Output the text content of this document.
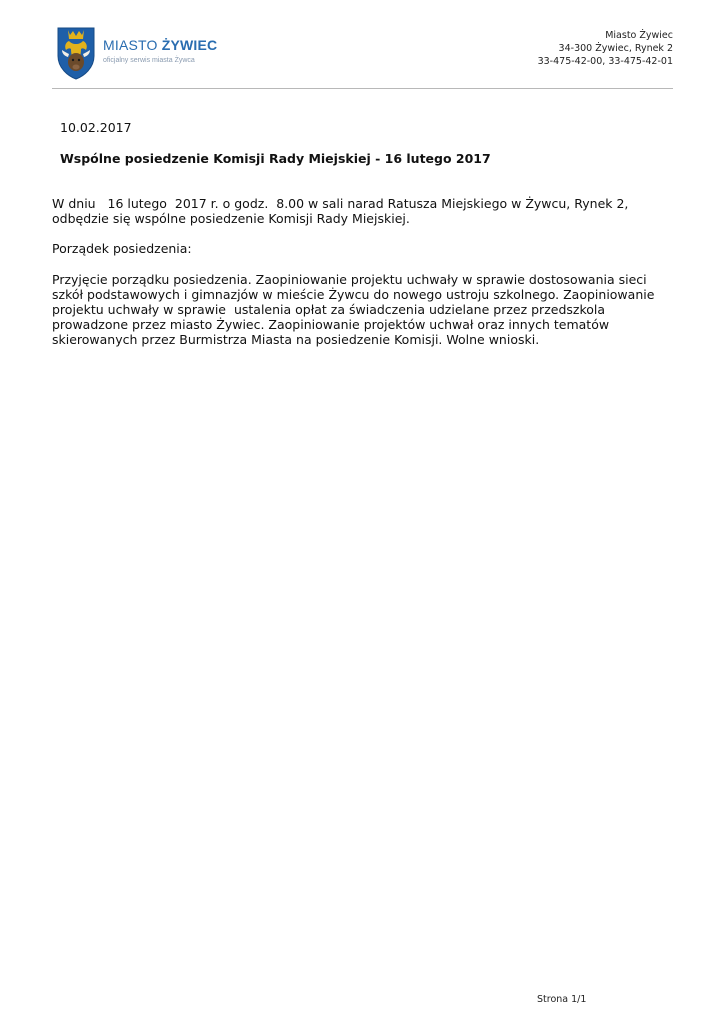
MIASTO ŻYWIEC
oficjalny serwis miasta Żywca
Miasto Żywiec
34-300 Żywiec, Rynek 2
33-475-42-00, 33-475-42-01
10.02.2017
Wspólne posiedzenie Komisji Rady Miejskiej - 16 lutego 2017

W dniu   16 lutego  2017 r. o godz.  8.00 w sali narad Ratusza Miejskiego w Żywcu, Rynek 2, odbędzie się wspólne posiedzenie Komisji Rady Miejskiej.

Porządek posiedzenia:

Przyjęcie porządku posiedzenia. Zaopiniowanie projektu uchwały w sprawie dostosowania sieci szkół podstawowych i gimnazjów w mieście Żywcu do nowego ustroju szkolnego. Zaopiniowanie projektu uchwały w sprawie  ustalenia opłat za świadczenia udzielane przez przedszkola prowadzone przez miasto Żywiec. Zaopiniowanie projektów uchwał oraz innych tematów skierowanych przez Burmistrza Miasta na posiedzenie Komisji. Wolne wnioski.

Strona 1/1
